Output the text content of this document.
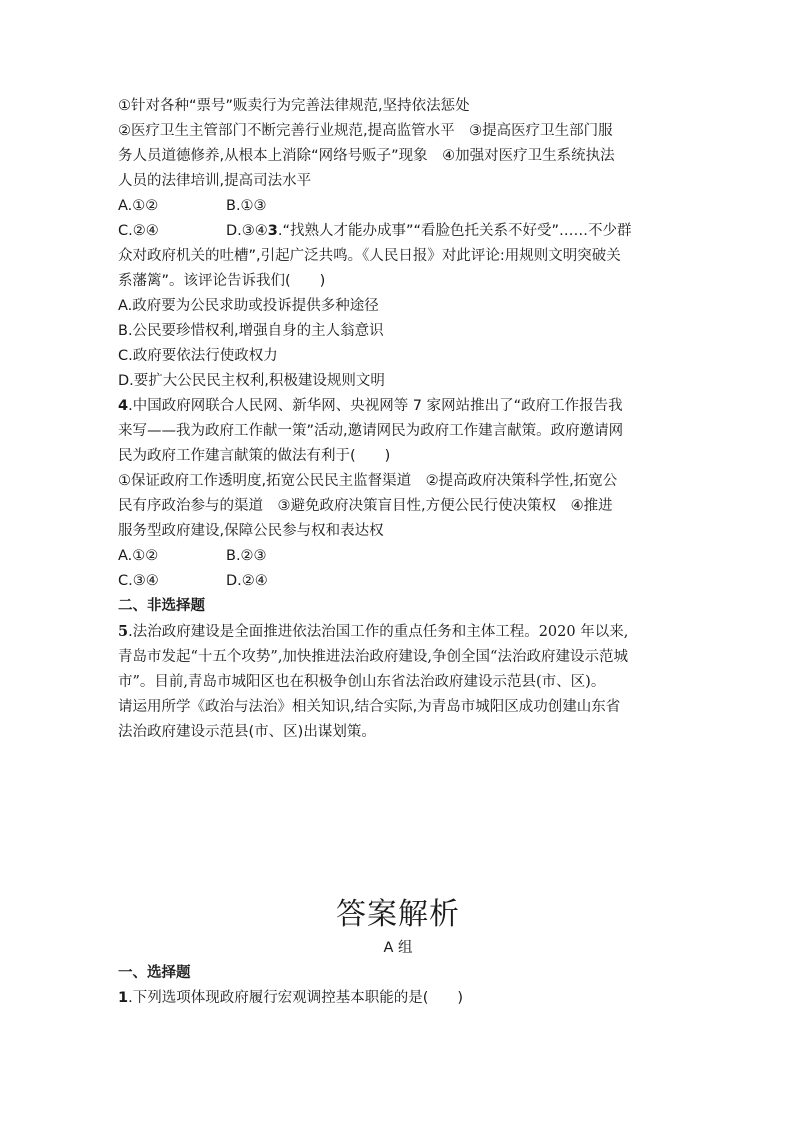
①针对各种“票号”贩卖行为完善法律规范,坚持依法惩处
②医疗卫生主管部门不断完善行业规范,提高监管水平　③提高医疗卫生部门服
务人员道德修养,从根本上消除“网络号贩子”现象　④加强对医疗卫生系统执法
人员的法律培训,提高司法水平
A.①②	B.①③
C.②④	D.③④ 3 .“找熟人才能办成事”“看脸色托关系不好受”……不少群
众对政府机关的吐槽”,引起广泛共鸣。《人民日报》对此评论:用规则文明突破关
系藩篱”。该评论告诉我们(　　)
A.政府要为公民求助或投诉提供多种途径
B.公民要珍惜权利,增强自身的主人翁意识
C.政府要依法行使政权力
D.要扩大公民民主权利,积极建设规则文明
4.中国政府网联合人民网、新华网、央视网等 7 家网站推出了“政府工作报告我
来写——我为政府工作献一策”活动,邀请网民为政府工作建言献策。政府邀请网
民为政府工作建言献策的做法有利于(　　)
①保证政府工作透明度,拓宽公民民主监督渠道　②提高政府决策科学性,拓宽公
民有序政治参与的渠道　③避免政府决策盲目性,方便公民行使决策权　④推进
服务型政府建设,保障公民参与权和表达权
A.①②	B.②③
C.③④	D.②④
二、非选择题
5.法治政府建设是全面推进依法治国工作的重点任务和主体工程。2020 年以来,
青岛市发起“十五个攻势”,加快推进法治政府建设,争创全国“法治政府建设示范城
市”。目前,青岛市城阳区也在积极争创山东省法治政府建设示范县(市、区)。
请运用所学《政治与法治》相关知识,结合实际,为青岛市城阳区成功创建山东省
法治政府建设示范县(市、区)出谋划策。
答案解析
A 组
一、选择题
1.下列选项体现政府履行宏观调控基本职能的是(　　)
